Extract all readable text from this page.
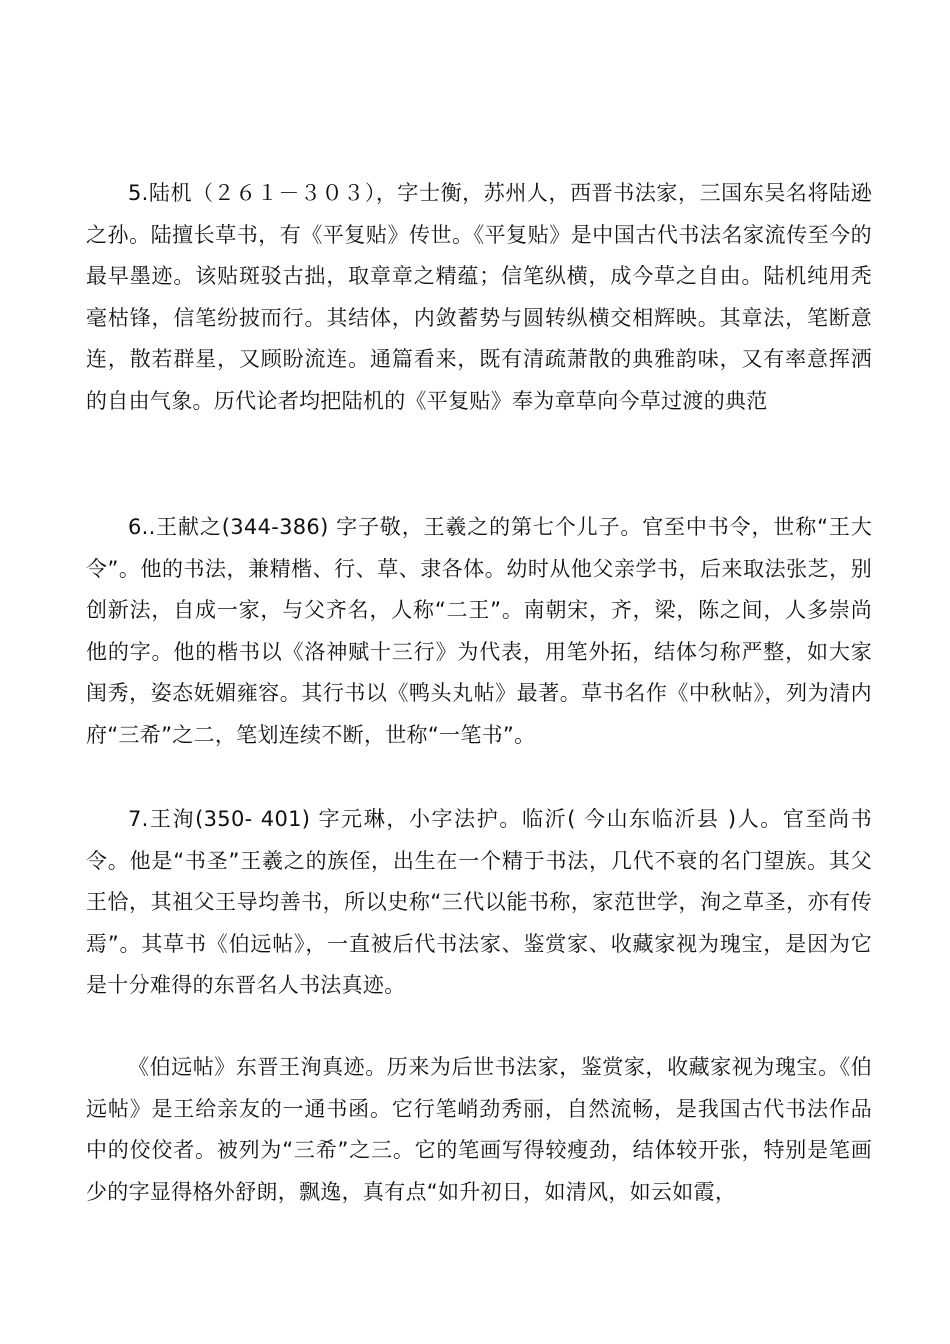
5.陆机（２６１－３０３），字士衡，苏州人，西晋书法家，三国东吴名将陆逊之孙。陆擅长草书，有《平复贴》传世。《平复贴》是中国古代书法名家流传至今的最早墨迹。该贴斑驳古拙，取章章之精蕴；信笔纵横，成今草之自由。陆机纯用秃毫枯锋，信笔纷披而行。其结体，内敛蓄势与圆转纵横交相辉映。其章法，笔断意连，散若群星，又顾盼流连。通篇看来，既有清疏萧散的典雅韵味，又有率意挥洒的自由气象。历代论者均把陆机的《平复贴》奉为章草向今草过渡的典范

6..王献之(344-386) 字子敬，王羲之的第七个儿子。官至中书令，世称“王大令”。他的书法，兼精楷、行、草、隶各体。幼时从他父亲学书，后来取法张芝，别创新法，自成一家，与父齐名，人称“二王”。南朝宋，齐，梁，陈之间，人多崇尚他的字。他的楷书以《洛神赋十三行》为代表，用笔外拓，结体匀称严整，如大家闺秀，姿态妩媚雍容。其行书以《鸭头丸帖》最著。草书名作《中秋帖》，列为清内府“三希”之二，笔划连续不断，世称“一笔书”。

7.王洵(350- 401) 字元琳，小字法护。临沂( 今山东临沂县 )人。官至尚书令。他是“书圣”王羲之的族侄，出生在一个精于书法，几代不衰的名门望族。其父王恰，其祖父王导均善书，所以史称“三代以能书称，家范世学，洵之草圣，亦有传焉”。其草书《伯远帖》，一直被后代书法家、鉴赏家、收藏家视为瑰宝，是因为它是十分难得的东晋名人书法真迹。

《伯远帖》东晋王洵真迹。历来为后世书法家，鉴赏家，收藏家视为瑰宝。《伯远帖》是王给亲友的一通书函。它行笔峭劲秀丽，自然流畅，是我国古代书法作品中的佼佼者。被列为“三希”之三。它的笔画写得较瘦劲，结体较开张，特别是笔画少的字显得格外舒朗，飘逸，真有点“如升初日，如清风，如云如霞，
